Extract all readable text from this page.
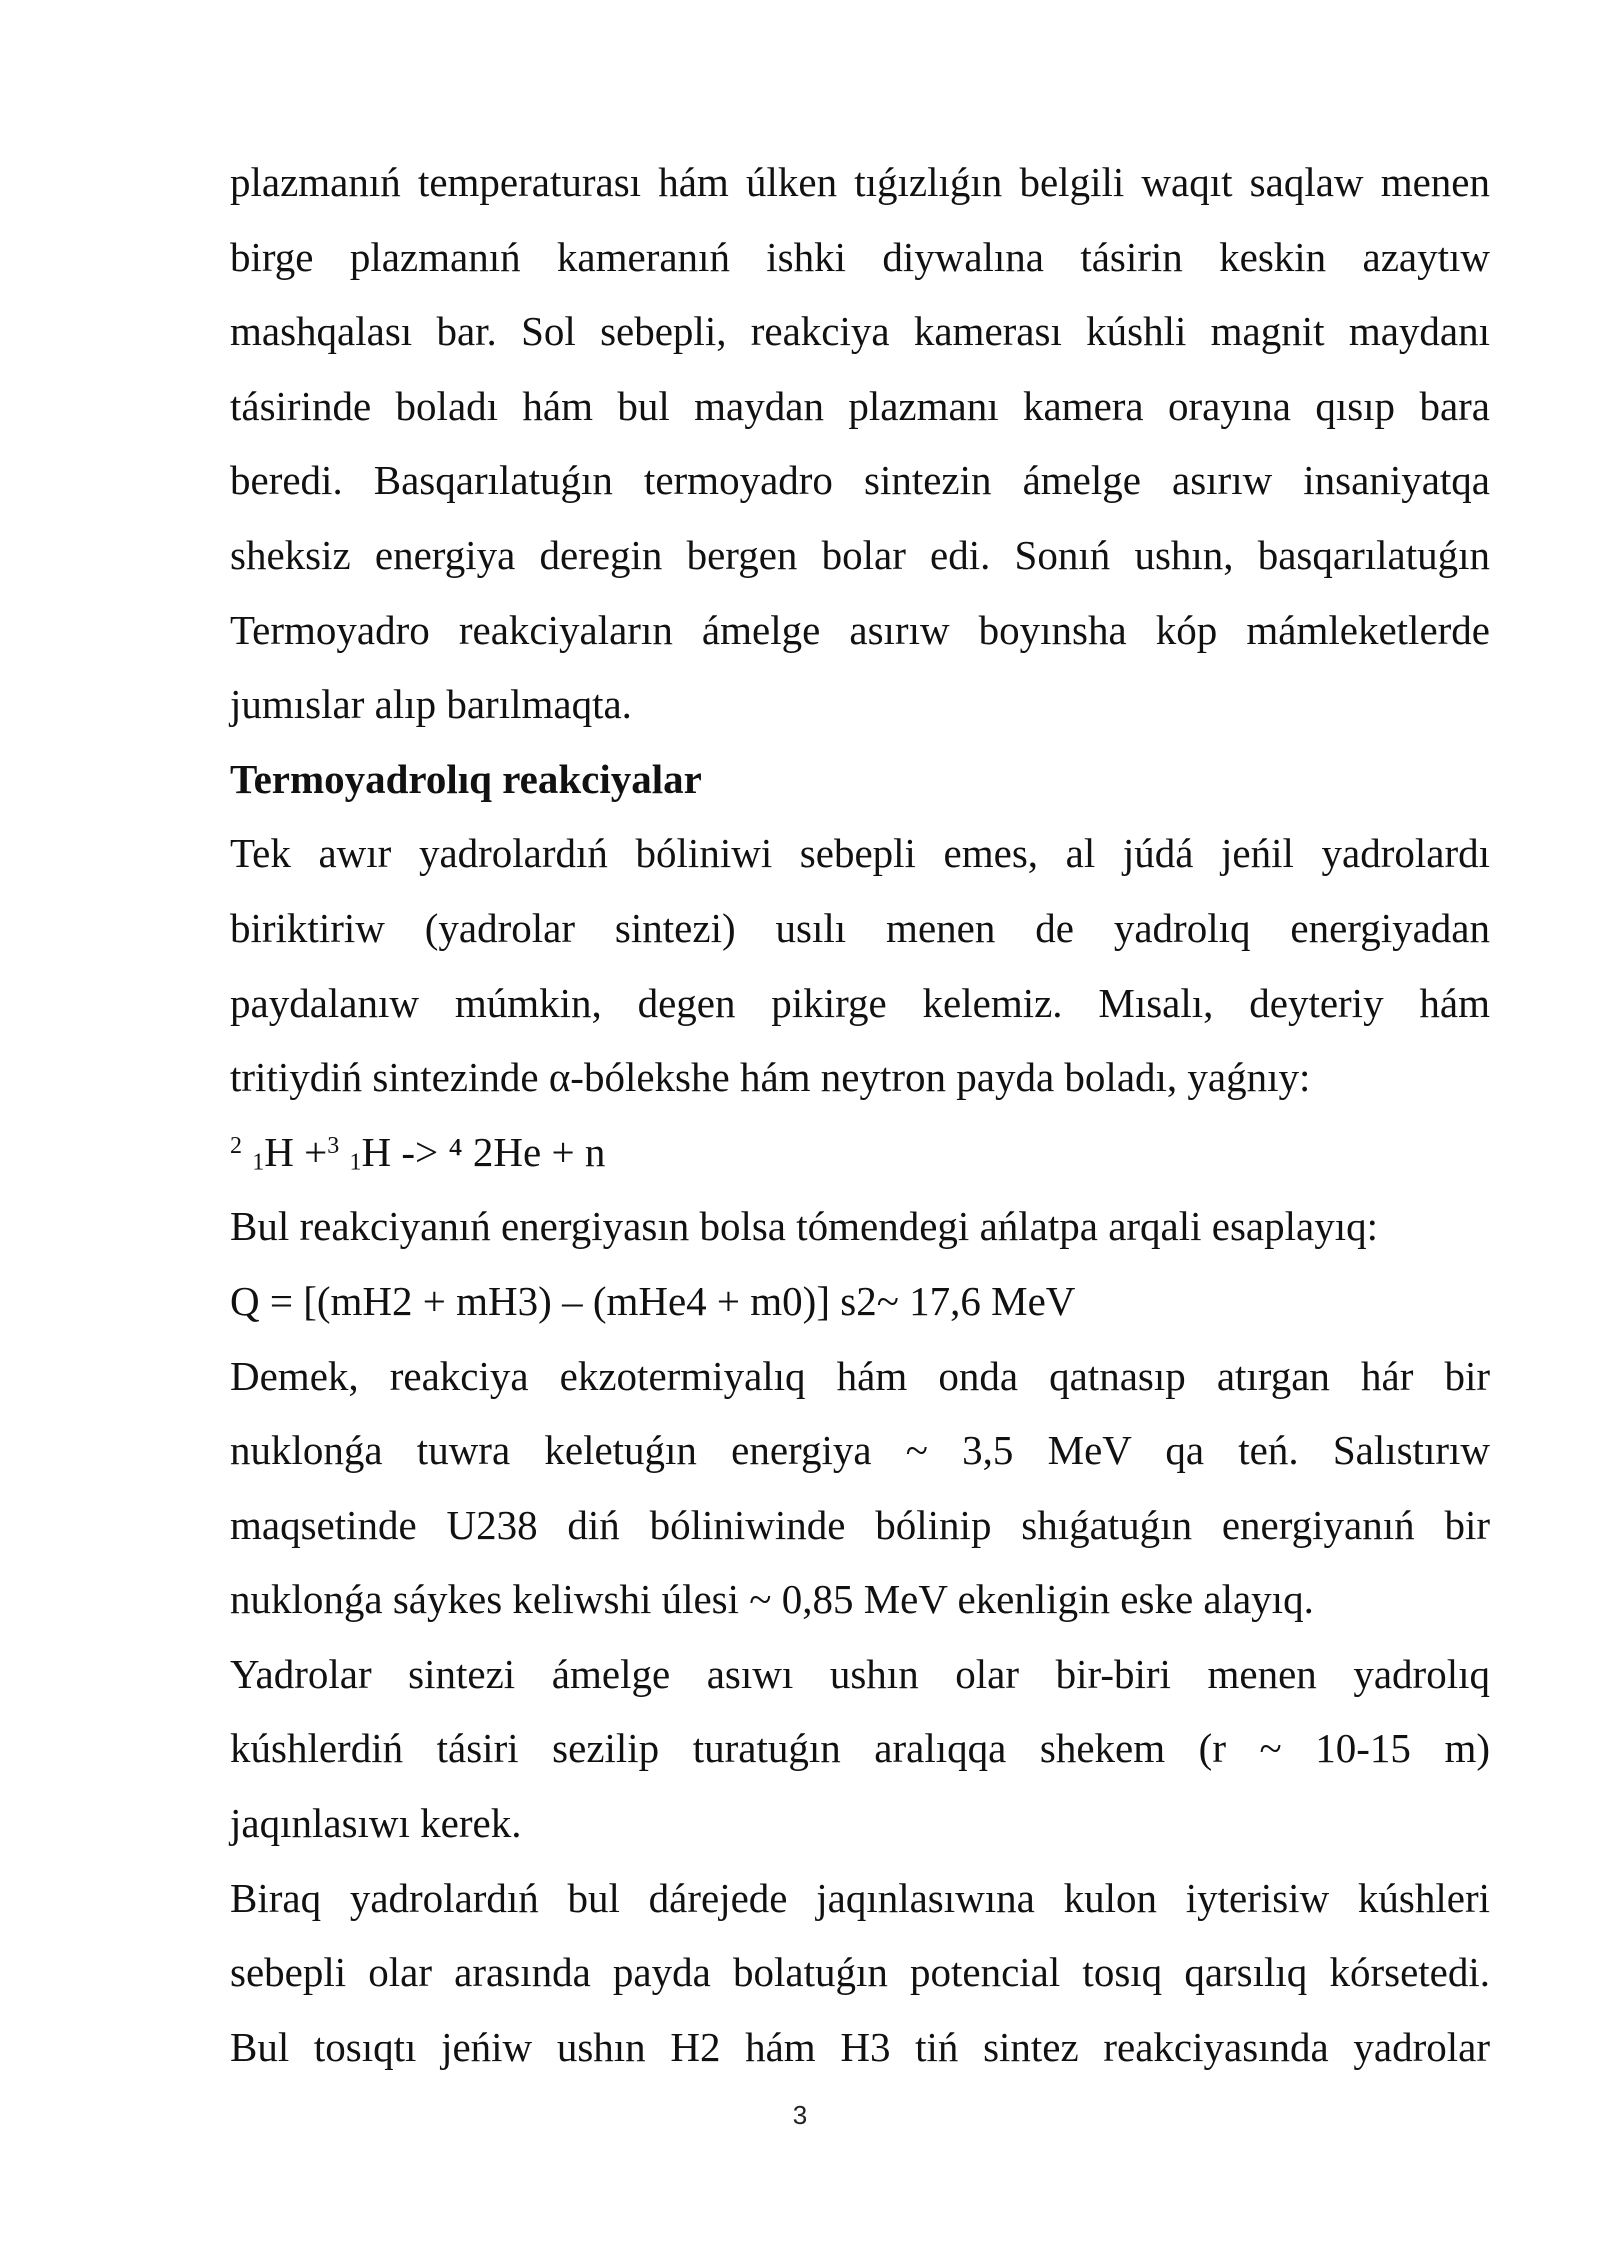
plazmanıń temperaturası hám úlken tıǵızlıǵın belgili waqıt saqlaw menen
birge plazmanıń kameranıń ishki diywalına tásirin keskin azaytıw
mashqalası bar. Sol sebepli, reakciya kamerası kúshli magnit maydanı
tásirinde boladı hám bul maydan plazmanı kamera orayına qısıp bara
beredi. Basqarılatuǵın termoyadro sintezin ámelge asırıw insaniyatqa
sheksiz energiya deregin bergen bolar edi. Sonıń ushın, basqarılatuǵın
Termoyadro reakciyaların ámelge asırıw boyınsha kóp mámleketlerde
jumıslar alıp barılmaqta.
Termoyadrolıq reakciyalar
Tek awır yadrolardıń bóliniwi sebepli emes, al júdá jeńil yadrolardı
biriktiriw (yadrolar sintezi) usılı menen de yadrolıq energiyadan
paydalanıw múmkin, degen pikirge kelemiz. Mısalı, deyteriy hám
tritiydiń sintezinde α-bólekshe hám neytron payda boladı, yaǵnıy:
$^2$ $_1$H +$^3$ $_1$H -> ⁴ 2He + n
Bul reakciyanıń energiyasın bolsa tómendegi ańlatpa arqali esaplayıq:
Q = [(mH2 + mH3) – (mHe4 + m0)] s2~ 17,6 MeV
Demek, reakciya ekzotermiyalıq hám onda qatnasıp atırgan hár bir
nuklonǵa tuwra keletuǵın energiya ~ 3,5 MeV qa teń. Salıstırıw
maqsetinde U238 diń bóliniwinde bólinip shıǵatuǵın energiyanıń bir
nuklonǵa sáykes keliwshi úlesi ~ 0,85 MeV ekenligin eske alayıq.
Yadrolar sintezi ámelge asıwı ushın olar bir-biri menen yadrolıq
kúshlerdiń tásiri sezilip turatuǵın aralıqqa shekem (r ~ 10-15 m)
jaqınlasıwı kerek.
Biraq yadrolardıń bul dárejede jaqınlasıwına kulon iyterisiw kúshleri
sebepli olar arasında payda bolatuǵın potencial tosıq qarsılıq kórsetedi.
Bul tosıqtı jeńiw ushın H2 hám H3 tiń sintez reakciyasında yadrolar
3
